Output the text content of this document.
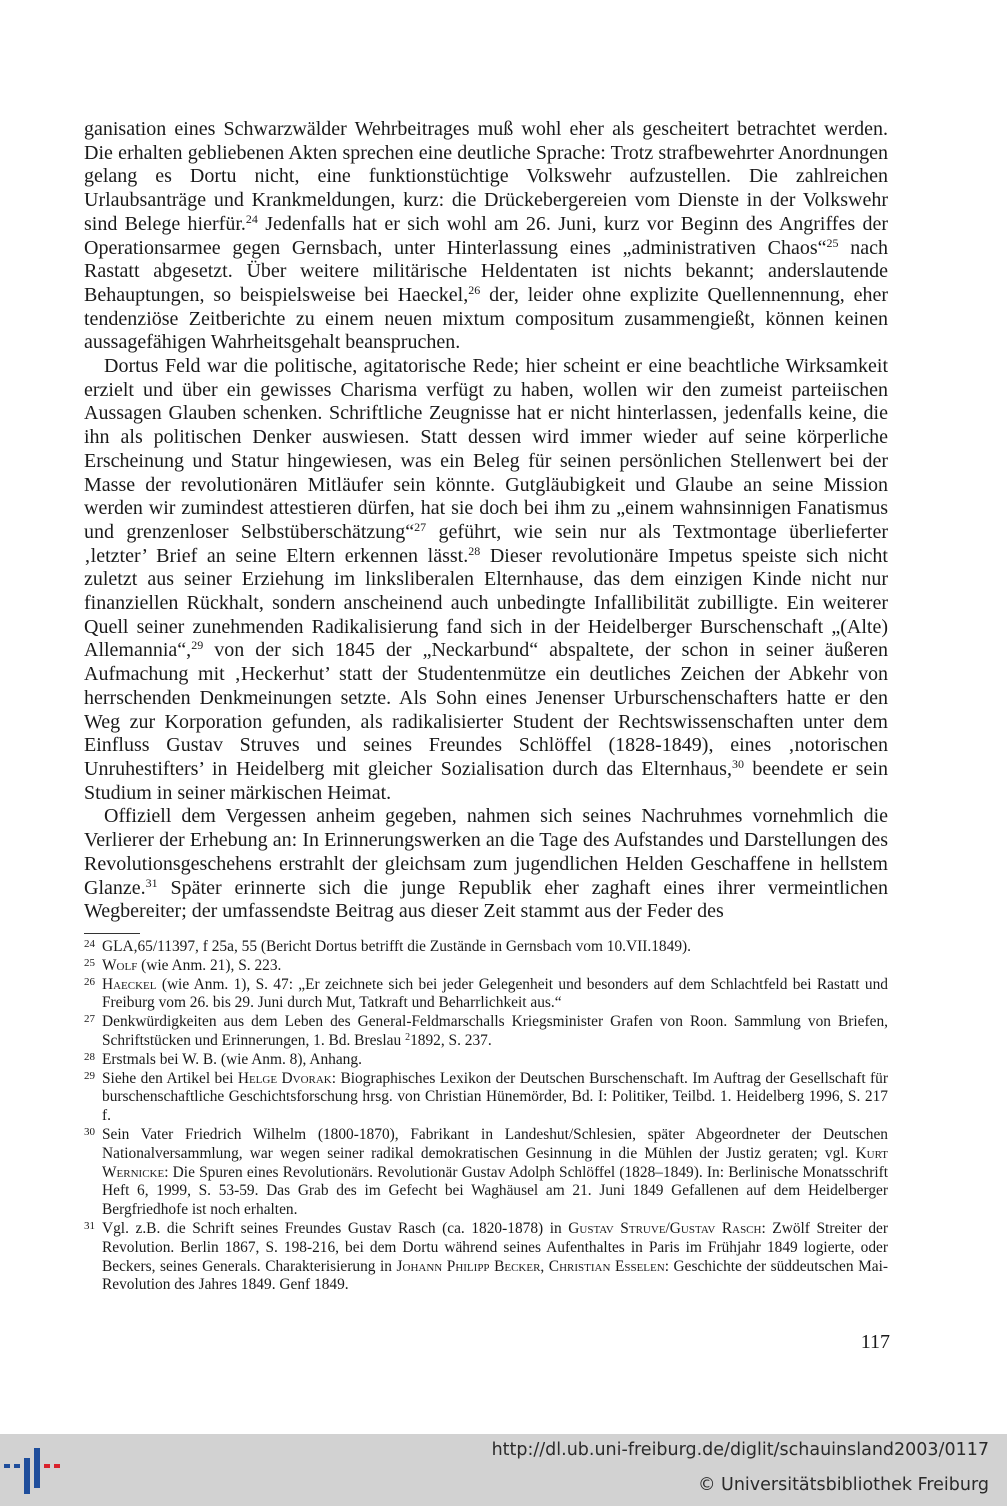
ganisation eines Schwarzwälder Wehrbeitrages muß wohl eher als gescheitert betrachtet werden. Die erhalten gebliebenen Akten sprechen eine deutliche Sprache: Trotz strafbewehrter Anordnungen gelang es Dortu nicht, eine funktionstüchtige Volkswehr aufzustellen. Die zahlreichen Urlaubsanträge und Krankmeldungen, kurz: die Drückebergereien vom Dienste in der Volkswehr sind Belege hierfür.$^{24}$ Jedenfalls hat er sich wohl am 26. Juni, kurz vor Beginn des Angriffes der Operationsarmee gegen Gernsbach, unter Hinterlassung eines „administrativen Chaos“$^{25}$ nach Rastatt abgesetzt. Über weitere militärische Heldentaten ist nichts bekannt; anderslautende Behauptungen, so beispielsweise bei Haeckel,$^{26}$ der, leider ohne explizite Quellennennung, eher tendenziöse Zeitberichte zu einem neuen mixtum compositum zusammengießt, können keinen aussagefähigen Wahrheitsgehalt beanspruchen.

Dortus Feld war die politische, agitatorische Rede; hier scheint er eine beachtliche Wirksamkeit erzielt und über ein gewisses Charisma verfügt zu haben, wollen wir den zumeist parteiischen Aussagen Glauben schenken. Schriftliche Zeugnisse hat er nicht hinterlassen, jedenfalls keine, die ihn als politischen Denker auswiesen. Statt dessen wird immer wieder auf seine körperliche Erscheinung und Statur hingewiesen, was ein Beleg für seinen persönlichen Stellenwert bei der Masse der revolutionären Mitläufer sein könnte. Gutgläubigkeit und Glaube an seine Mission werden wir zumindest attestieren dürfen, hat sie doch bei ihm zu „einem wahnsinnigen Fanatismus und grenzenloser Selbstüberschätzung“$^{27}$ geführt, wie sein nur als Textmontage überlieferter ‚letzter’ Brief an seine Eltern erkennen lässt.$^{28}$ Dieser revolutionäre Impetus speiste sich nicht zuletzt aus seiner Erziehung im linksliberalen Elternhause, das dem einzigen Kinde nicht nur finanziellen Rückhalt, sondern anscheinend auch unbedingte Infallibilität zubilligte. Ein weiterer Quell seiner zunehmenden Radikalisierung fand sich in der Heidelberger Burschenschaft „(Alte) Allemannia“,$^{29}$ von der sich 1845 der „Neckarbund“ abspaltete, der schon in seiner äußeren Aufmachung mit ‚Heckerhut’ statt der Studentenmütze ein deutliches Zeichen der Abkehr von herrschenden Denkmeinungen setzte. Als Sohn eines Jenenser Urburschenschafters hatte er den Weg zur Korporation gefunden, als radikalisierter Student der Rechtswissenschaften unter dem Einfluss Gustav Struves und seines Freundes Schlöffel (1828-1849), eines ‚notorischen Unruhestifters’ in Heidelberg mit gleicher Sozialisation durch das Elternhaus,$^{30}$ beendete er sein Studium in seiner märkischen Heimat.

Offiziell dem Vergessen anheim gegeben, nahmen sich seines Nachruhmes vornehmlich die Verlierer der Erhebung an: In Erinnerungswerken an die Tage des Aufstandes und Darstellungen des Revolutionsgeschehens erstrahlt der gleichsam zum jugendlichen Helden Geschaffene in hellstem Glanze.$^{31}$ Später erinnerte sich die junge Republik eher zaghaft eines ihrer vermeintlichen Wegbereiter; der umfassendste Beitrag aus dieser Zeit stammt aus der Feder des

24 GLA,65/11397, f 25a, 55 (Bericht Dortus betrifft die Zustände in Gernsbach vom 10.VII.1849).

25 Wolf (wie Anm. 21), S. 223.

26 Haeckel (wie Anm. 1), S. 47: „Er zeichnete sich bei jeder Gelegenheit und besonders auf dem Schlachtfeld bei Rastatt und Freiburg vom 26. bis 29. Juni durch Mut, Tatkraft und Beharrlichkeit aus.“

27 Denkwürdigkeiten aus dem Leben des General-Feldmarschalls Kriegsminister Grafen von Roon. Sammlung von Briefen, Schriftstücken und Erinnerungen, 1. Bd. Breslau $^2$1892, S. 237.

28 Erstmals bei W. B. (wie Anm. 8), Anhang.

29 Siehe den Artikel bei Helge Dvorak: Biographisches Lexikon der Deutschen Burschenschaft. Im Auftrag der Gesellschaft für burschenschaftliche Geschichtsforschung hrsg. von Christian Hünemörder, Bd. I: Politiker, Teilbd. 1. Heidelberg 1996, S. 217 f.

30 Sein Vater Friedrich Wilhelm (1800-1870), Fabrikant in Landeshut/Schlesien, später Abgeordneter der Deutschen Nationalversammlung, war wegen seiner radikal demokratischen Gesinnung in die Mühlen der Justiz geraten; vgl. Kurt Wernicke: Die Spuren eines Revolutionärs. Revolutionär Gustav Adolph Schlöffel (1828–1849). In: Berlinische Monatsschrift Heft 6, 1999, S. 53-59. Das Grab des im Gefecht bei Waghäusel am 21. Juni 1849 Gefallenen auf dem Heidelberger Bergfriedhofe ist noch erhalten.

31 Vgl. z.B. die Schrift seines Freundes Gustav Rasch (ca. 1820-1878) in Gustav Struve/Gustav Rasch: Zwölf Streiter der Revolution. Berlin 1867, S. 198-216, bei dem Dortu während seines Aufenthaltes in Paris im Frühjahr 1849 logierte, oder Beckers, seines Generals. Charakterisierung in Johann Philipp Becker, Christian Esselen: Geschichte der süddeutschen Mai-Revolution des Jahres 1849. Genf 1849.

117
http://dl.ub.uni-freiburg.de/diglit/schauinsland2003/0117
© Universitätsbibliothek Freiburg
